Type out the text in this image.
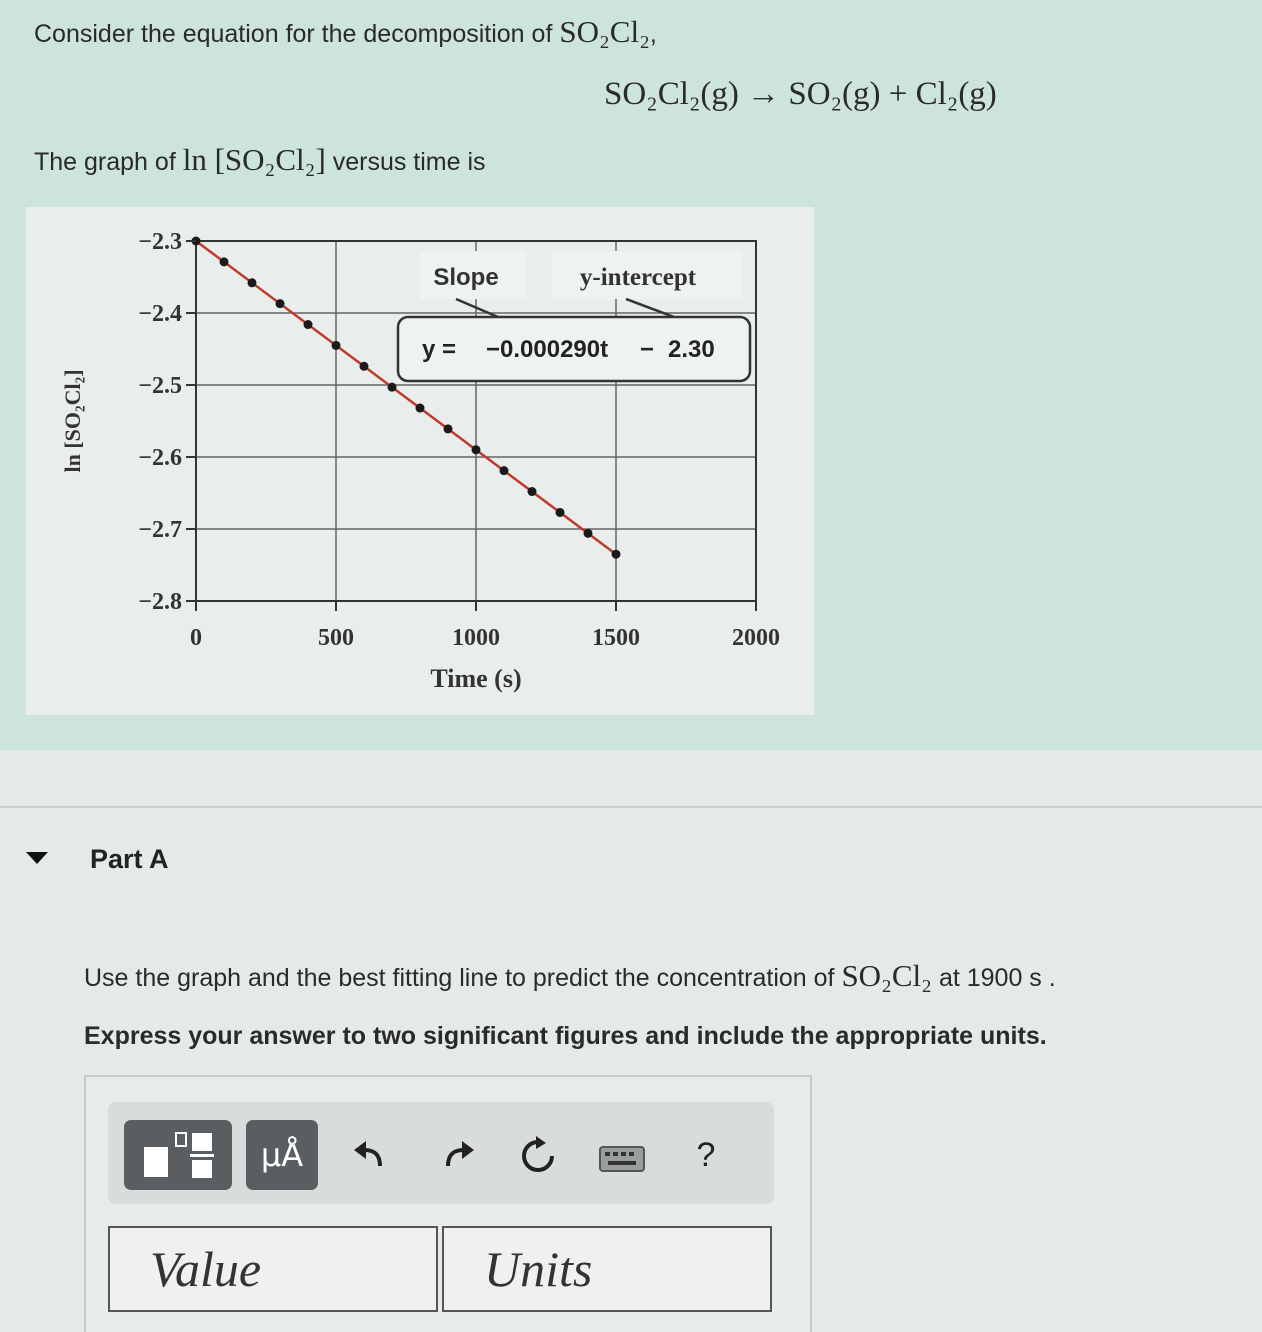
Consider the equation for the decomposition of SO₂Cl₂,
SO₂Cl₂(g) → SO₂(g) + Cl₂(g)
The graph of ln [SO₂Cl₂] versus time is
0	500	1000	1500	2000
−2.3
−2.4
−2.5
−2.6
−2.7
−2.8
Time (s)
ln [SO₂Cl₂]
Slope	y-intercept
y = −0.000290t − 2.30
Part A
Use the graph and the best fitting line to predict the concentration of SO₂Cl₂ at 1900 s .
Express your answer to two significant figures and include the appropriate units.
μÅ	?
Value	Units
